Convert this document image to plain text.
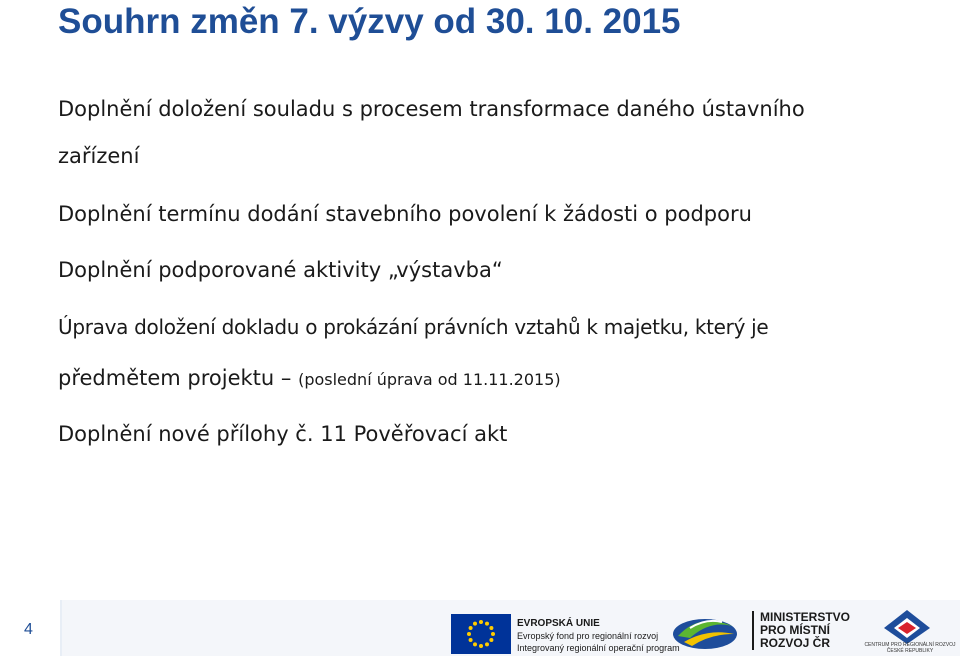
Souhrn změn 7. výzvy od 30. 10. 2015

Doplnění doložení souladu s procesem transformace daného ústavního

zařízení

Doplnění termínu dodání stavebního povolení k žádosti o podporu

Doplnění podporované aktivity „výstavba“

Úprava doložení dokladu o prokázání právních vztahů k majetku, který je

předmětem projektu – (poslední úprava od 11.11.2015)

Doplnění nové přílohy č. 11 Pověřovací akt

4	EVROPSKÁ UNIE
Evropský fond pro regionální rozvoj
Integrovaný regionální operační program
MINISTERSTVO
PRO MÍSTNÍ
ROZVOJ ČR	CENTRUM PRO REGIONÁLNÍ ROZVOJ
ČESKÉ REPUBLIKY
